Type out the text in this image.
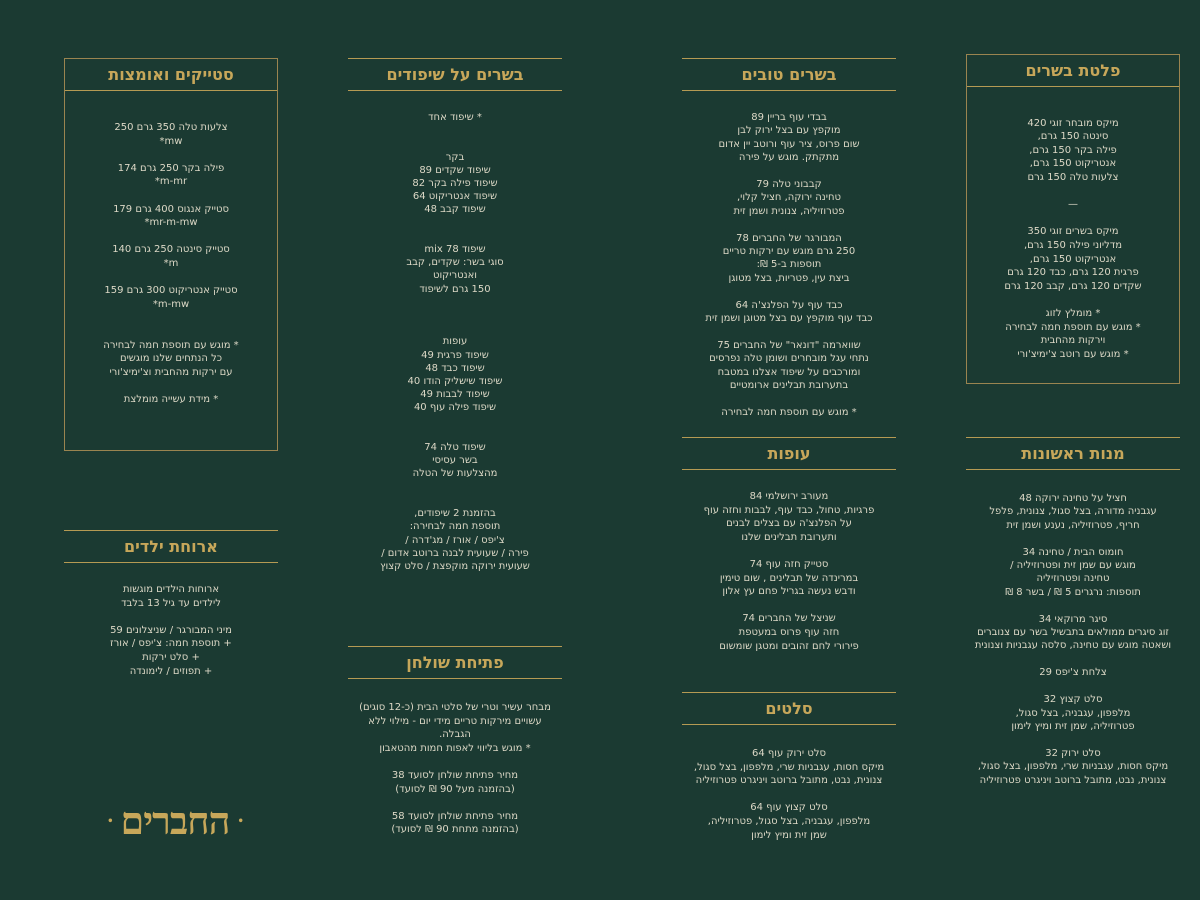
סטייקים ואומצות
צלעות טלה 350 גרם 250
mw*

פילה בקר 250 גרם 174
m-mr*

סטייק אנגוס 400 גרם 179
mr-m-mw*

סטייק סינטה 250 גרם 140
m*

סטייק אנטריקוט 300 גרם 159
m-mw*

* מוגש עם תוספת חמה לבחירה
כל הנתחים שלנו מוגשים
עם ירקות מהחבית וצ'ימיצ'ורי

* מידת עשייה מומלצת
ארוחת ילדים
ארוחות הילדים מוגשות
לילדים עד גיל 13 בלבד

מיני המבורגר / שניצלונים 59
+ תוספת חמה: צ'יפס / אורז
+ סלט ירקות
+ תפוזים / לימונדה
•
החברים
•
בשרים על שיפודים
* שיפוד אחד

בקר
שיפוד שקדים 89
שיפוד פילה בקר 82
שיפוד אנטריקוט 64
שיפוד קבב 48

שיפוד mix 78
סוגי בשר: שקדים, קבב
ואנטריקוט
150 גרם לשיפוד

עופות
שיפוד פרגית 49
שיפוד כבד 48
שיפוד שישליק הודו 40
שיפוד לבבות 49
שיפוד פילה עוף 40

שיפוד טלה 74
בשר עסיסי
מהצלעות של הטלה

בהזמנת 2 שיפודים,
תוספת חמה לבחירה:
צ'יפס / אורז / מג'דרה /
פירה / שעועית לבנה ברוטב אדום /
שעועית ירוקה מוקפצת / סלט קצוץ
פתיחת שולחן
מבחר עשיר וטרי של סלטי הבית (כ-12 סוגים)
עשויים מירקות טריים מידי יום - מילוי ללא
הגבלה.
* מוגש בליווי לאפות חמות מהטאבון

מחיר פתיחת שולחן לסועד 38
(בהזמנה מעל 90 ₪ לסועד)

מחיר פתיחת שולחן לסועד 58
(בהזמנה מתחת 90 ₪ לסועד)
בשרים טובים
בבדי עוף בריין 89
מוקפץ עם בצל ירוק לבן
שום פרוס, ציר עוף ורוטב יין אדום
מתקתק. מוגש על פירה

קבבוני טלה 79
טחינה ירוקה, חציל קלוי,
פטרוזיליה, צנונית ושמן זית

המבורגר של החברים 78
250 גרם מוגש עם ירקות טריים
תוספות ב-5 ₪:
ביצת עין, פטריות, בצל מטוגן

כבד עוף על הפלנצ'ה 64
כבד עוף מוקפץ עם בצל מטוגן ושמן זית

שווארמה "דונאר" של החברים 75
נתחי עגל מובחרים ושומן טלה נפרסים
ומורכבים על שיפוד אצלנו במטבח
בתערובת תבלינים ארומטיים

* מוגש עם תוספת חמה לבחירה
עופות
מעורב ירושלמי 84
פרגיות, טחול, כבד עוף, לבבות וחזה עוף
על הפלנצ'ה עם בצלים לבנים
ותערובת תבלינים שלנו

סטייק חזה עוף 74
במרינדה של תבלינים , שום טימין
ודבש נעשה בגריל פחם עץ אלון

שניצל של החברים 74
חזה עוף פרוס במעטפת
פירורי לחם זהובים ומטגן שומשום
סלטים
סלט ירוק עוף 64
מיקס חסות, עגבניות שרי, מלפפון, בצל סגול,
צנונית, נבט, מתובל ברוטב ויניגרט פטרוזיליה

סלט קצוץ עוף 64
מלפפון, עגבניה, בצל סגול, פטרוזיליה,
שמן זית ומיץ לימון
פלטת בשרים

מיקס מובחר זוגי 420
סינטה 150 גרם,
פילה בקר 150 גרם,
אנטריקוט 150 גרם,
צלעות טלה 150 גרם

—

מיקס בשרים זוגי 350
מדליוני פילה 150 גרם,
אנטריקוט 150 גרם,
פרגית 120 גרם, כבד 120 גרם
שקדים 120 גרם, קבב 120 גרם

* מומלץ לזוג
* מוגש עם תוספת חמה לבחירה
וירקות מהחבית
* מוגש עם רוטב צ'ימיצ'ורי
מנות ראשונות
חציל על טחינה ירוקה 48
עגבניה מדורה, בצל סגול, צנונית, פלפל
חריף, פטרוזיליה, נענע ושמן זית

חומוס הבית / טחינה 34
מוגש עם שמן זית ופטרוזיליה /
טחינה ופטרוזיליה
תוספות: נרגרים 5 ₪ / בשר 8 ₪

סיגר מרוקאי 34
זוג סיגרים ממולאים בתבשיל בשר עם צנוברים
ושאטה מוגש עם טחינה, סלסה עגבניות וצנונית

צלחת צ'יפס 29

סלט קצוץ 32
מלפפון, עגבניה, בצל סגול,
פטרוזיליה, שמן זית ומיץ לימון

סלט ירוק 32
מיקס חסות, עגבניות שרי, מלפפון, בצל סגול,
צנונית, נבט, מתובל ברוטב ויניגרט פטרוזיליה
